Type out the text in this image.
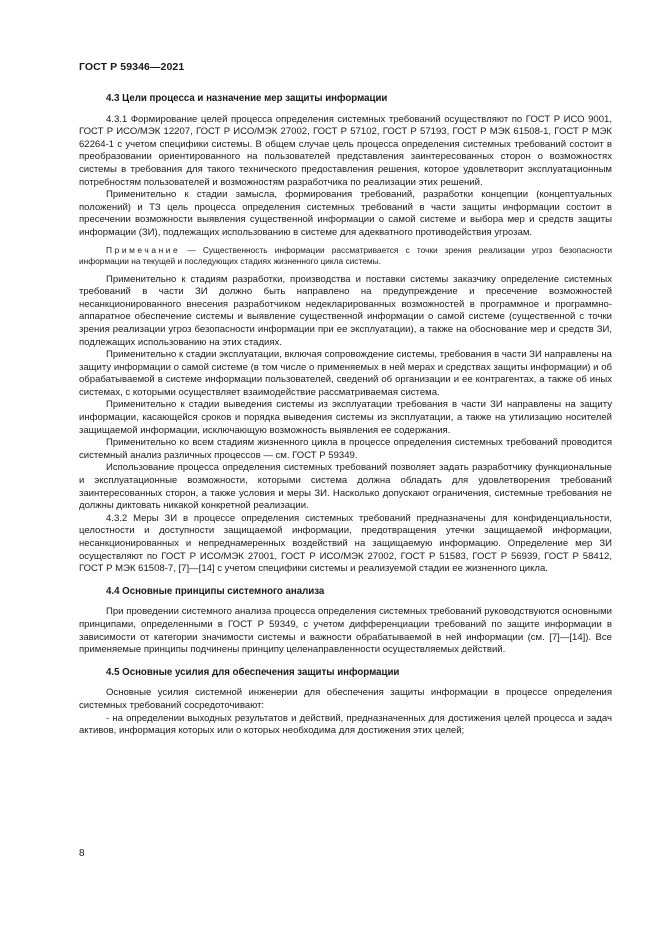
ГОСТ Р 59346—2021
4.3 Цели процесса и назначение мер защиты информации

4.3.1 Формирование целей процесса определения системных требований осуществляют по ГОСТ Р ИСО 9001, ГОСТ Р ИСО/МЭК 12207, ГОСТ Р ИСО/МЭК 27002, ГОСТ Р 57102, ГОСТ Р 57193, ГОСТ Р МЭК 61508-1, ГОСТ Р МЭК 62264-1 с учетом специфики системы. В общем случае цель процесса определения системных требований состоит в преобразовании ориентированного на пользователей представления заинтересованных сторон о возможностях системы в требования для такого технического предоставления решения, которое удовлетворит эксплуатационным потребностям пользователей и возможностям разработчика по реализации этих решений.

Применительно к стадии замысла, формирования требований, разработки концепции (концептуальных положений) и ТЗ цель процесса определения системных требований в части защиты информации состоит в пресечении возможности выявления существенной информации о самой системе и выбора мер и средств защиты информации (ЗИ), подлежащих использованию в системе для адекватного противодействия угрозам.

Примечание — Существенность информации рассматривается с точки зрения реализации угроз безопасности информации на текущей и последующих стадиях жизненного цикла системы.

Применительно к стадиям разработки, производства и поставки системы заказчику определение системных требований в части ЗИ должно быть направлено на предупреждение и пресечение возможностей несанкционированного внесения разработчиком недекларированных возможностей в программное и программно-аппаратное обеспечение системы и выявление существенной информации о самой системе (существенной с точки зрения реализации угроз безопасности информации при ее эксплуатации), а также на обоснование мер и средств ЗИ, подлежащих использованию на этих стадиях.

Применительно к стадии эксплуатации, включая сопровождение системы, требования в части ЗИ направлены на защиту информации о самой системе (в том числе о применяемых в ней мерах и средствах защиты информации) и об обрабатываемой в системе информации пользователей, сведений об организации и ее контрагентах, а также об иных системах, с которыми осуществляет взаимодействие рассматриваемая система.

Применительно к стадии выведения системы из эксплуатации требования в части ЗИ направлены на защиту информации, касающейся сроков и порядка выведения системы из эксплуатации, а также на утилизацию носителей защищаемой информации, исключающую возможность выявления ее содержания.

Применительно ко всем стадиям жизненного цикла в процессе определения системных требований проводится системный анализ различных процессов — см. ГОСТ Р 59349.

Использование процесса определения системных требований позволяет задать разработчику функциональные и эксплуатационные возможности, которыми система должна обладать для удовлетворения требований заинтересованных сторон, а также условия и меры ЗИ. Насколько допускают ограничения, системные требования не должны диктовать никакой конкретной реализации.

4.3.2 Меры ЗИ в процессе определения системных требований предназначены для конфиденциальности, целостности и доступности защищаемой информации, предотвращения утечки защищаемой информации, несанкционированных и непреднамеренных воздействий на защищаемую информацию. Определение мер ЗИ осуществляют по ГОСТ Р ИСО/МЭК 27001, ГОСТ Р ИСО/МЭК 27002, ГОСТ Р 51583, ГОСТ Р 56939, ГОСТ Р 58412, ГОСТ Р МЭК 61508-7, [7]—[14] с учетом специфики системы и реализуемой стадии ее жизненного цикла.

4.4 Основные принципы системного анализа

При проведении системного анализа процесса определения системных требований руководствуются основными принципами, определенными в ГОСТ Р 59349, с учетом дифференциации требований по защите информации в зависимости от категории значимости системы и важности обрабатываемой в ней информации (см. [7]—[14]). Все применяемые принципы подчинены принципу целенаправленности осуществляемых действий.

4.5 Основные усилия для обеспечения защиты информации

Основные усилия системной инженерии для обеспечения защиты информации в процессе определения системных требований сосредоточивают:

- на определении выходных результатов и действий, предназначенных для достижения целей процесса и задач активов, информация которых или о которых необходима для достижения этих целей;

8
